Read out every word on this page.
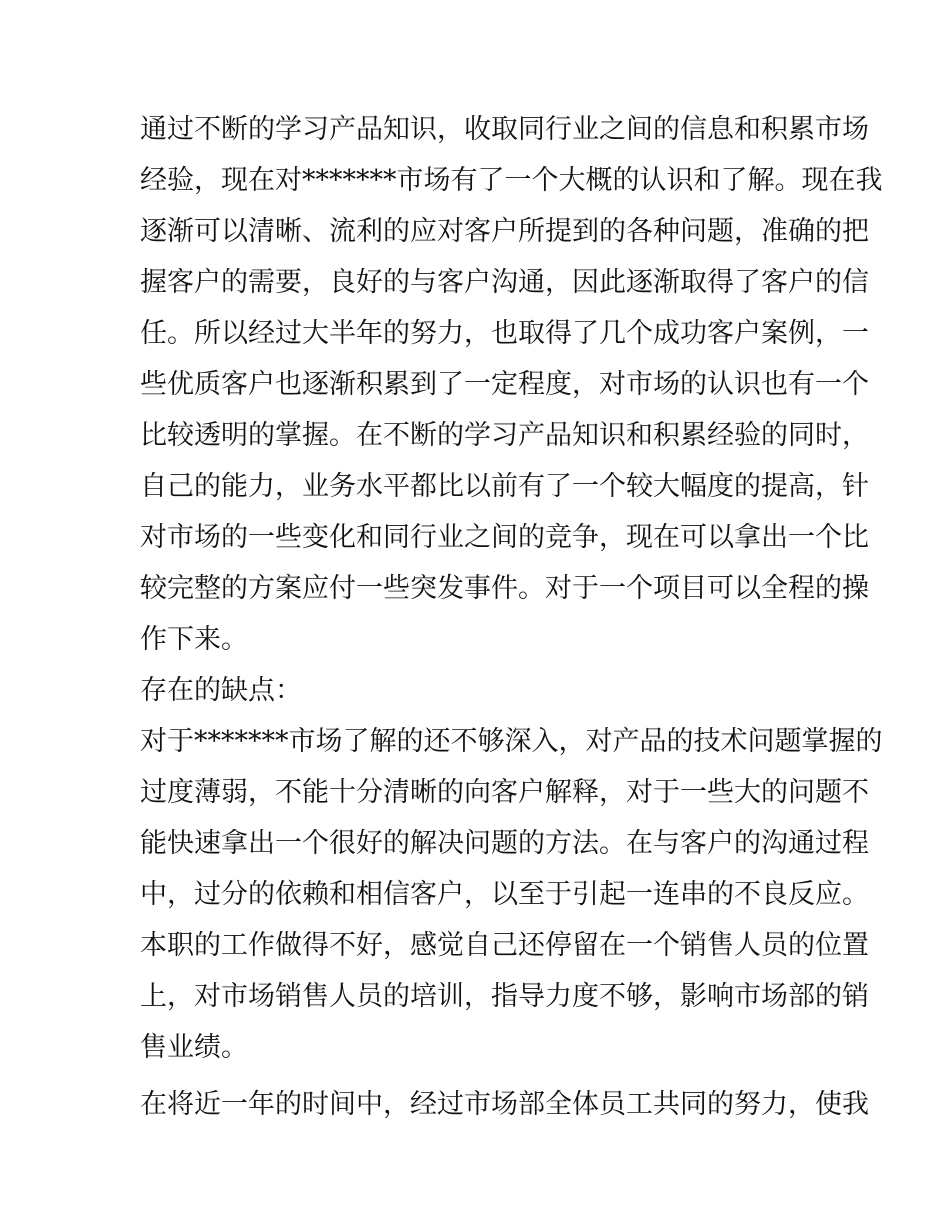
通过不断的学习产品知识，收取同行业之间的信息和积累市场
经验，现在对*******市场有了一个大概的认识和了解。现在我
逐渐可以清晰、流利的应对客户所提到的各种问题，准确的把
握客户的需要，良好的与客户沟通，因此逐渐取得了客户的信
任。所以经过大半年的努力，也取得了几个成功客户案例，一
些优质客户也逐渐积累到了一定程度，对市场的认识也有一个
比较透明的掌握。在不断的学习产品知识和积累经验的同时，
自己的能力，业务水平都比以前有了一个较大幅度的提高，针
对市场的一些变化和同行业之间的竞争，现在可以拿出一个比
较完整的方案应付一些突发事件。对于一个项目可以全程的操
作下来。
存在的缺点：
对于*******市场了解的还不够深入，对产品的技术问题掌握的
过度薄弱，不能十分清晰的向客户解释，对于一些大的问题不
能快速拿出一个很好的解决问题的方法。在与客户的沟通过程
中，过分的依赖和相信客户，以至于引起一连串的不良反应。
本职的工作做得不好，感觉自己还停留在一个销售人员的位置
上，对市场销售人员的培训，指导力度不够，影响市场部的销
售业绩。
在将近一年的时间中，经过市场部全体员工共同的努力，使我
